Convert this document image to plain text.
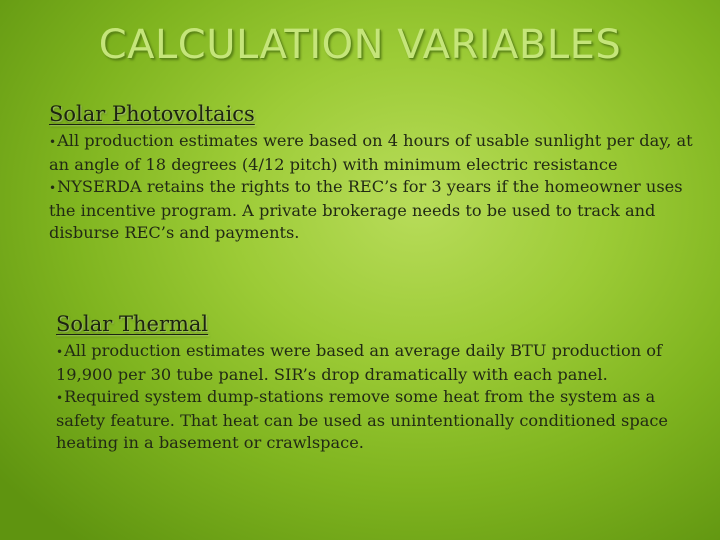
CALCULATION VARIABLES
Solar Photovoltaics

•All production estimates were based on 4 hours of usable sunlight per day, at an angle of 18 degrees (4/12 pitch) with minimum electric resistance

•NYSERDA retains the rights to the REC’s for 3 years if the homeowner uses the incentive program. A private brokerage needs to be used to track and disburse REC’s and payments.

Solar Thermal

•All production estimates were based an average daily BTU production of 19,900 per 30 tube panel. SIR’s drop dramatically with each panel.

•Required system dump-stations remove some heat from the system as a safety feature. That heat can be used as unintentionally conditioned space heating in a basement or crawlspace.
